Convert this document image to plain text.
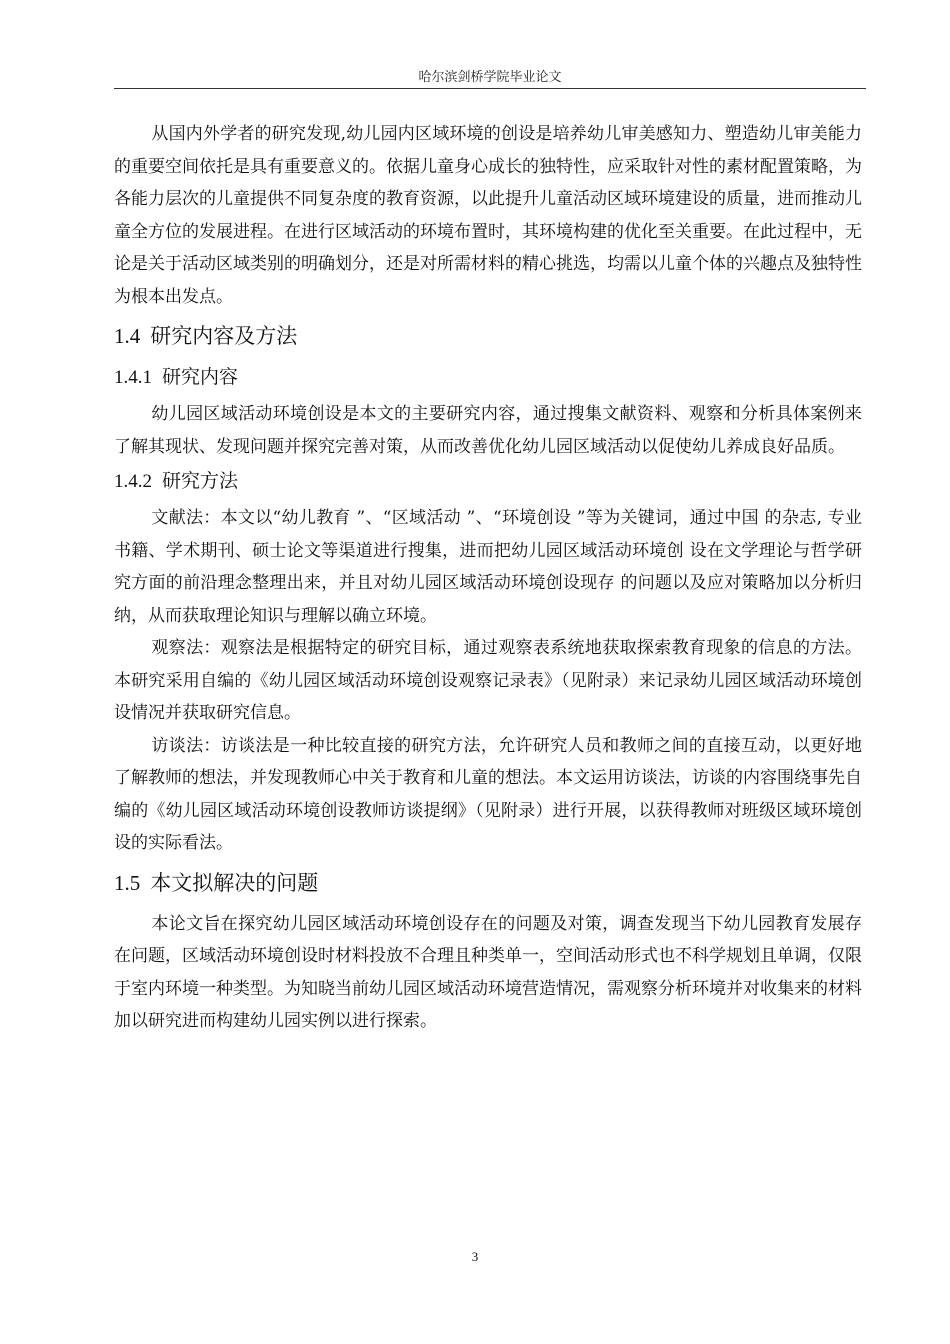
哈尔滨剑桥学院毕业论文

从国内外学者的研究发现,幼儿园内区域环境的创设是培养幼儿审美感知力、塑造幼儿审美能力的重要空间依托是具有重要意义的。依据儿童身心成长的独特性，应采取针对性的素材配置策略，为各能力层次的儿童提供不同复杂度的教育资源，以此提升儿童活动区域环境建设的质量，进而推动儿童全方位的发展进程。在进行区域活动的环境布置时，其环境构建的优化至关重要。在此过程中，无论是关于活动区域类别的明确划分，还是对所需材料的精心挑选，均需以儿童个体的兴趣点及独特性为根本出发点。

1.4 研究内容及方法
1.4.1 研究内容

幼儿园区域活动环境创设是本文的主要研究内容，通过搜集文献资料、观察和分析具体案例来了解其现状、发现问题并探究完善对策，从而改善优化幼儿园区域活动以促使幼儿养成良好品质。

1.4.2 研究方法

文献法：本文以“幼儿教育 ”、“区域活动 ”、“环境创设 ”等为关键词，通过中国 的杂志, 专业书籍、学术期刊、硕士论文等渠道进行搜集，进而把幼儿园区域活动环境创 设在文学理论与哲学研究方面的前沿理念整理出来，并且对幼儿园区域活动环境创设现存 的问题以及应对策略加以分析归纳，从而获取理论知识与理解以确立环境。

观察法：观察法是根据特定的研究目标，通过观察表系统地获取探索教育现象的信息的方法。本研究采用自编的《幼儿园区域活动环境创设观察记录表》（见附录）来记录幼儿园区域活动环境创设情况并获取研究信息。

访谈法：访谈法是一种比较直接的研究方法，允许研究人员和教师之间的直接互动，以更好地了解教师的想法，并发现教师心中关于教育和儿童的想法。本文运用访谈法，访谈的内容围绕事先自编的《幼儿园区域活动环境创设教师访谈提纲》（见附录）进行开展，以获得教师对班级区域环境创设的实际看法。

1.5 本文拟解决的问题

本论文旨在探究幼儿园区域活动环境创设存在的问题及对策，调查发现当下幼儿园教育发展存在问题，区域活动环境创设时材料投放不合理且种类单一，空间活动形式也不科学规划且单调，仅限于室内环境一种类型。为知晓当前幼儿园区域活动环境营造情况，需观察分析环境并对收集来的材料加以研究进而构建幼儿园实例以进行探索。

3
